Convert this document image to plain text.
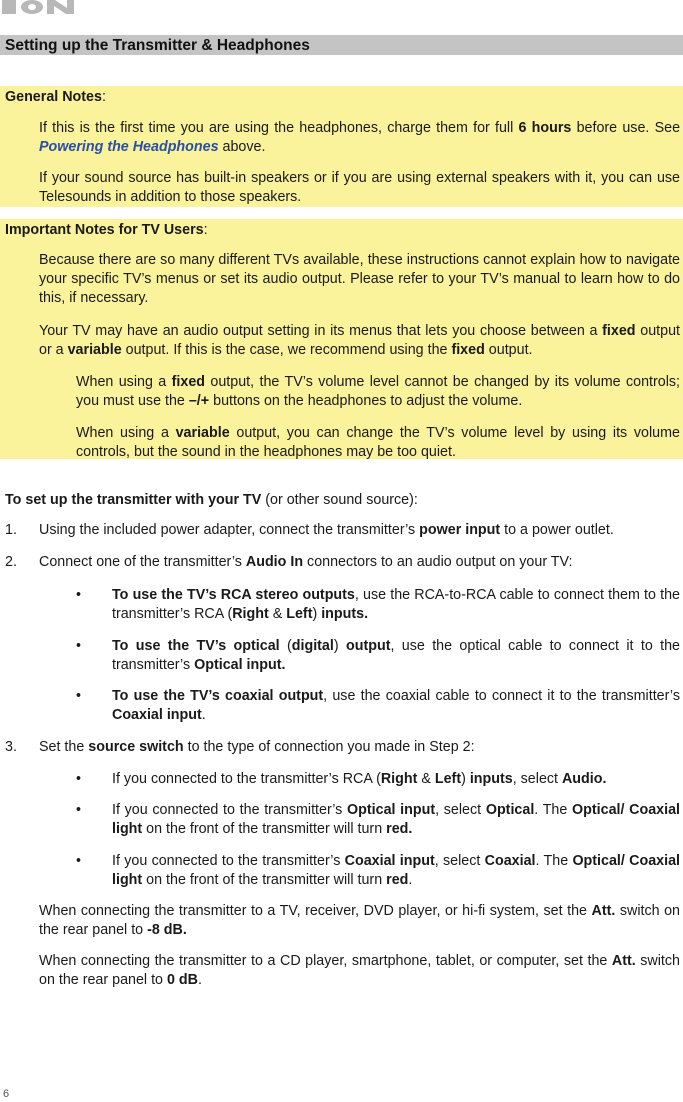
Setting up the Transmitter & Headphones

General Notes:

If this is the first time you are using the headphones, charge them for full 6 hours before use. See Powering the Headphones above.

If your sound source has built-in speakers or if you are using external speakers with it, you can use Telesounds in addition to those speakers.

Important Notes for TV Users:

Because there are so many different TVs available, these instructions cannot explain how to navigate your specific TV’s menus or set its audio output. Please refer to your TV’s manual to learn how to do this, if necessary.

Your TV may have an audio output setting in its menus that lets you choose between a fixed output or a variable output. If this is the case, we recommend using the fixed output.

When using a fixed output, the TV’s volume level cannot be changed by its volume controls; you must use the –/+ buttons on the headphones to adjust the volume.

When using a variable output, you can change the TV’s volume level by using its volume controls, but the sound in the headphones may be too quiet.

To set up the transmitter with your TV (or other sound source):

1. Using the included power adapter, connect the transmitter’s power input to a power outlet.

2. Connect one of the transmitter’s Audio In connectors to an audio output on your TV:

• To use the TV’s RCA stereo outputs, use the RCA-to-RCA cable to connect them to the transmitter’s RCA (Right & Left) inputs.

• To use the TV’s optical (digital) output, use the optical cable to connect it to the transmitter’s Optical input.

• To use the TV’s coaxial output, use the coaxial cable to connect it to the transmitter’s Coaxial input.

3. Set the source switch to the type of connection you made in Step 2:

• If you connected to the transmitter’s RCA (Right & Left) inputs, select Audio.

• If you connected to the transmitter’s Optical input, select Optical. The Optical/ Coaxial light on the front of the transmitter will turn red.

• If you connected to the transmitter’s Coaxial input, select Coaxial. The Optical/ Coaxial light on the front of the transmitter will turn red.

When connecting the transmitter to a TV, receiver, DVD player, or hi-fi system, set the Att. switch on the rear panel to -8 dB.

When connecting the transmitter to a CD player, smartphone, tablet, or computer, set the Att. switch on the rear panel to 0 dB.

6
